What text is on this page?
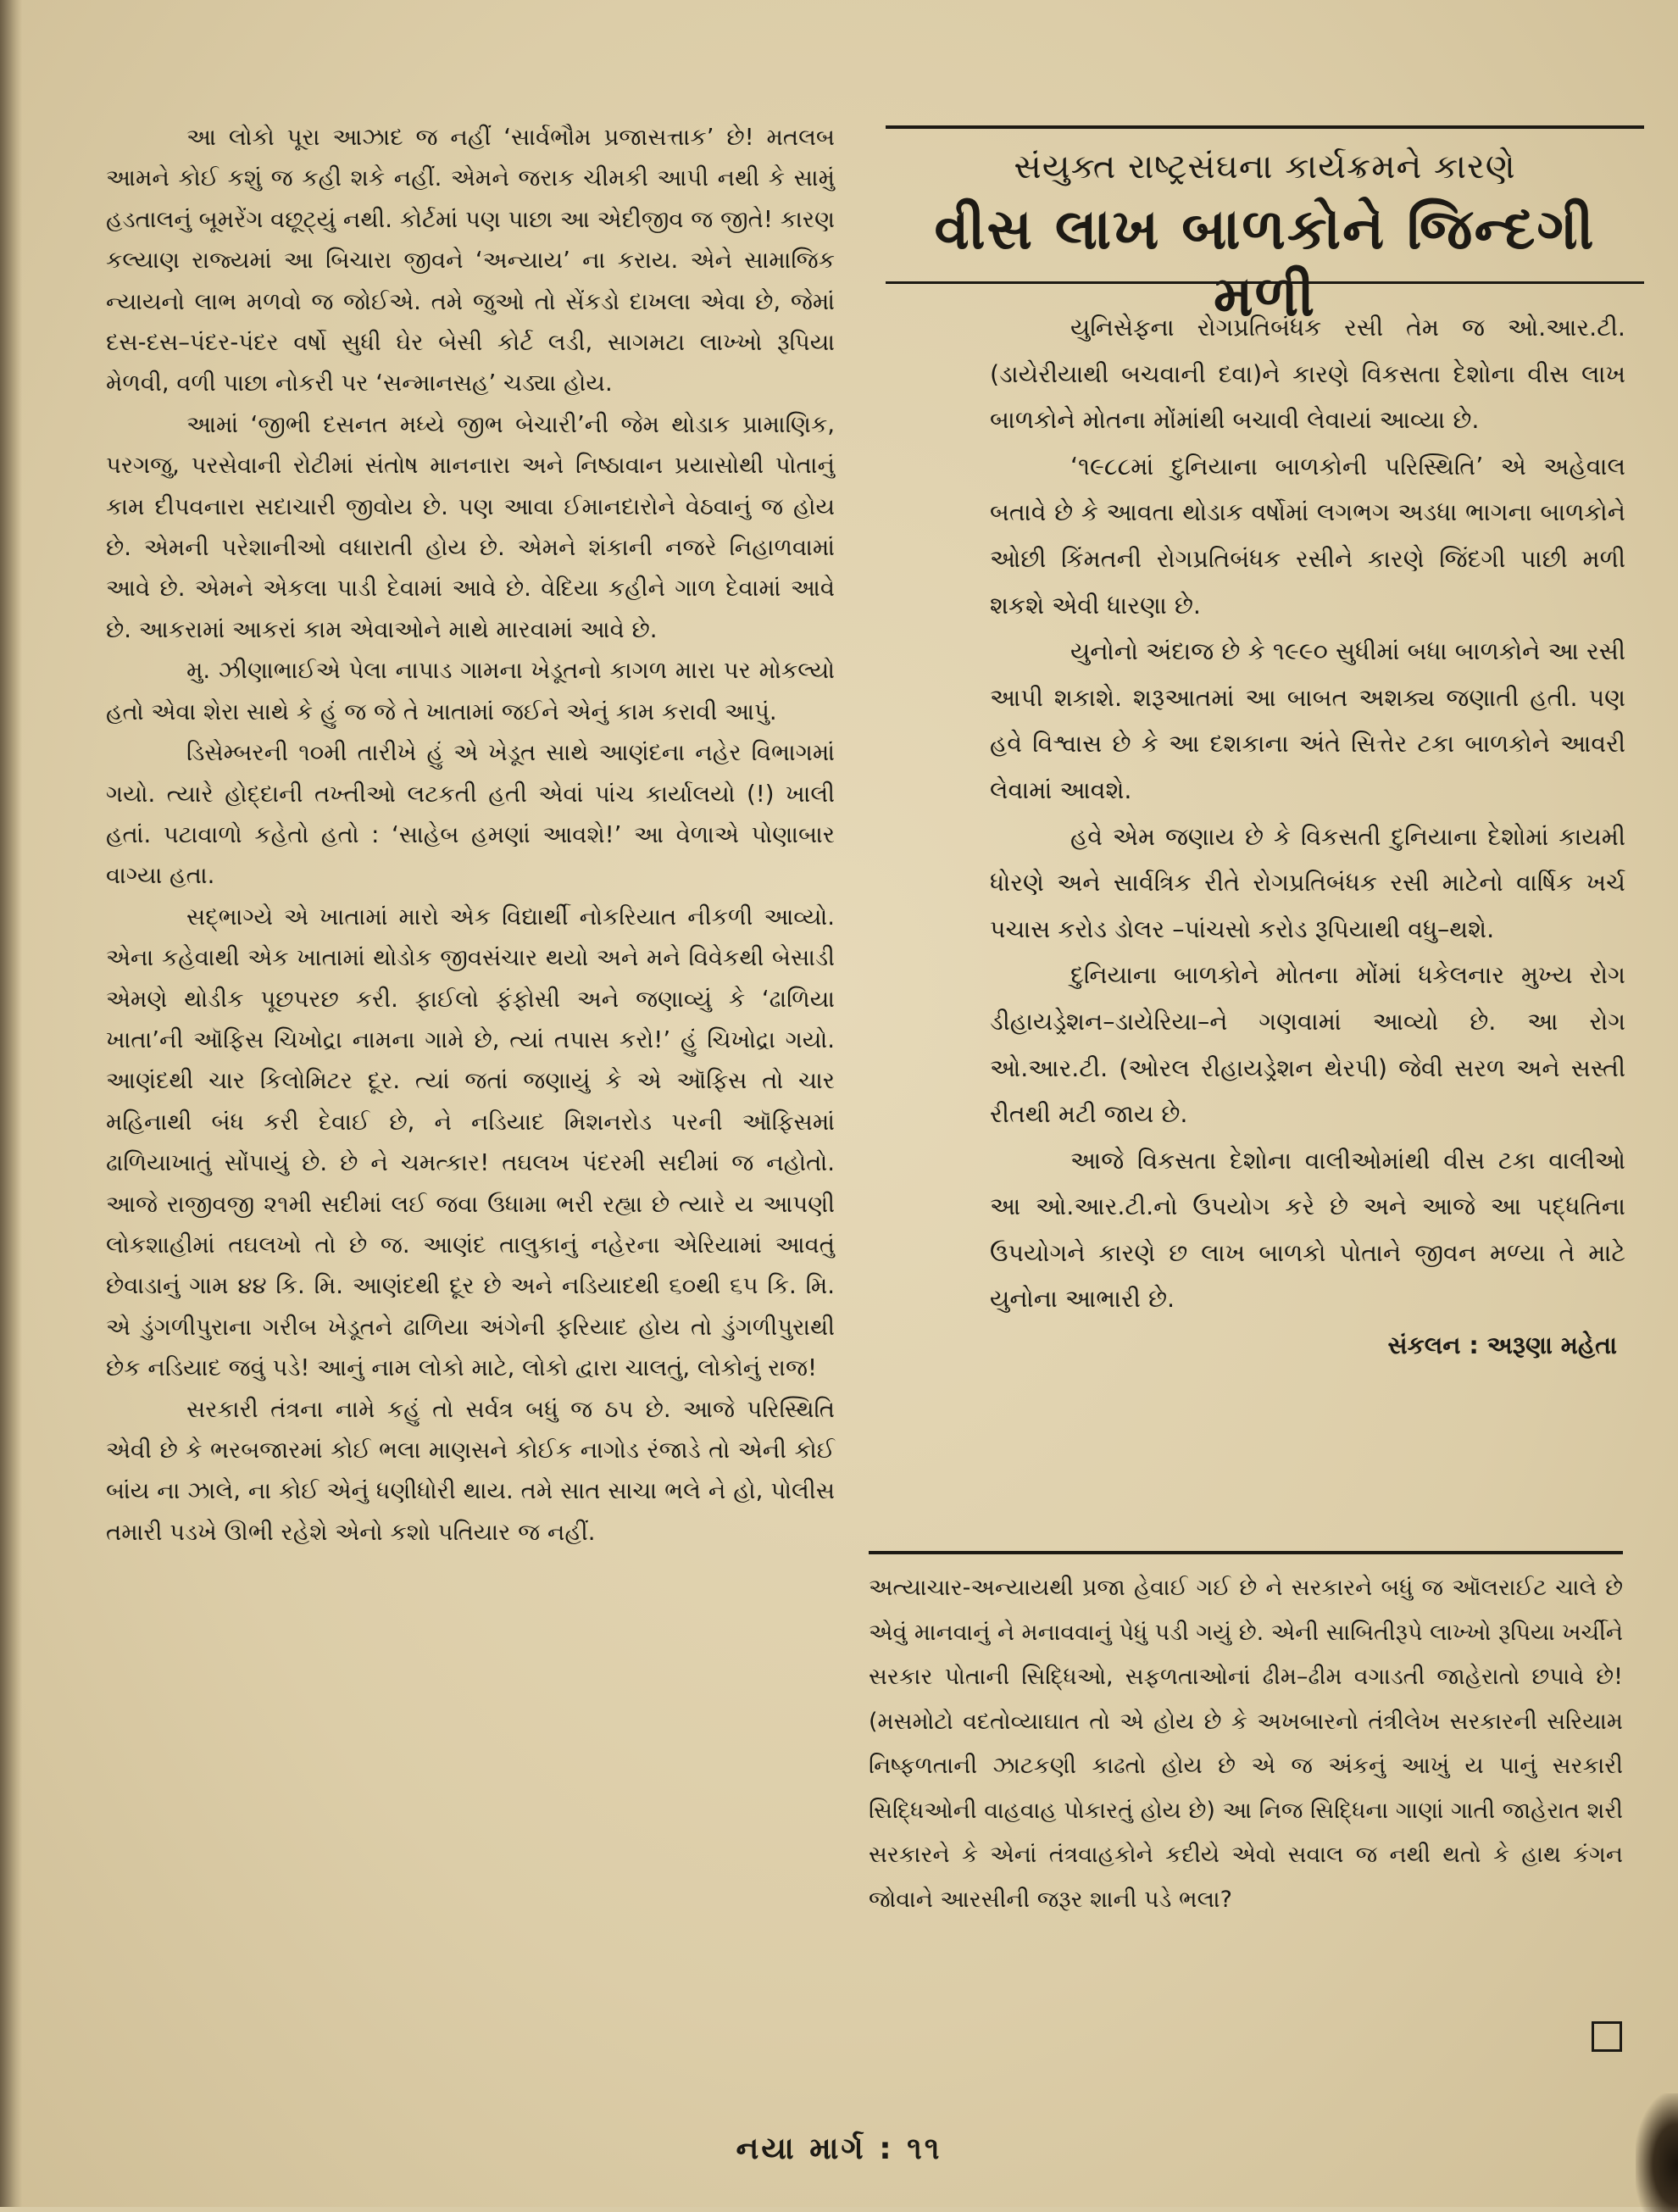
આ લોકો પૂરા આઝાદ જ નહીં ‘સાર્વભૌમ પ્રજાસત્તાક’ છે! મતલબ આમને કોઈ કશું જ કહી શકે નહીં. એમને જરાક ચીમકી આપી નથી કે સામું હડતાલનું બૂમરેંગ વછૂટ્યું નથી. કોર્ટમાં પણ પાછા આ એદીજીવ જ જીતે! કારણ કલ્યાણ રાજ્યમાં આ બિચારા જીવને ‘અન્યાય’ ના કરાય. એને સામાજિક ન્યાયનો લાભ મળવો જ જોઈએ. તમે જુઓ તો સેંકડો દાખલા એવા છે, જેમાં દસ-દસ–પંદર-પંદર વર્ષો સુધી ઘેર બેસી કોર્ટ લડી, સાગમટા લાખ્ખો રૂપિયા મેળવી, વળી પાછા નોકરી પર ‘સન્માનસહ’ ચડ્યા હોય.

આમાં ‘જીભી દસનત મધ્યે જીભ બેચારી’ની જેમ થોડાક પ્રામાણિક, પરગજુ, પરસેવાની રોટીમાં સંતોષ માનનારા અને નિષ્ઠાવાન પ્રયાસોથી પોતાનું કામ દીપવનારા સદાચારી જીવોય છે. પણ આવા ઈમાનદારોને વેઠવાનું જ હોય છે. એમની પરેશાનીઓ વધારાતી હોય છે. એમને શંકાની નજરે નિહાળવામાં આવે છે. એમને એકલા પાડી દેવામાં આવે છે. વેદિયા કહીને ગાળ દેવામાં આવે છે. આકરામાં આકરાં કામ એવાઓને માથે મારવામાં આવે છે.

મુ. ઝીણાભાઈએ પેલા નાપાડ ગામના ખેડૂતનો કાગળ મારા પર મોકલ્યો હતો એવા શેરા સાથે કે હું જ જે તે ખાતામાં જઈને એનું કામ કરાવી આપું.

ડિસેમ્બરની ૧૦મી તારીખે હું એ ખેડૂત સાથે આણંદના નહેર વિભાગમાં ગયો. ત્યારે હોદ્દાની તખ્તીઓ લટકતી હતી એવાં પાંચ કાર્યાલયો (!) ખાલી હતાં. પટાવાળો કહેતો હતો : ‘સાહેબ હમણાં આવશે!’ આ વેળાએ પોણાબાર વાગ્યા હતા.

સદ્ભાગ્યે એ ખાતામાં મારો એક વિદ્યાર્થી નોકરિયાત નીકળી આવ્યો. એના કહેવાથી એક ખાતામાં થોડોક જીવસંચાર થયો અને મને વિવેકથી બેસાડી એમણે થોડીક પૂછપરછ કરી. ફાઈલો ફંફોસી અને જણાવ્યું કે ‘ઢાળિયા ખાતા’ની ઑફિસ ચિખોદ્રા નામના ગામે છે, ત્યાં તપાસ કરો!’ હું ચિખોદ્રા ગયો. આણંદથી ચાર કિલોમિટર દૂર. ત્યાં જતાં જણાયું કે એ ઑફિસ તો ચાર મહિનાથી બંધ કરી દેવાઈ છે, ને નડિયાદ મિશનરોડ પરની ઑફિસમાં ઢાળિયાખાતું સોંપાયું છે. છે ને ચમત્કાર! તઘલખ પંદરમી સદીમાં જ નહોતો. આજે રાજીવજી ૨૧મી સદીમાં લઈ જવા ઉધામા ભરી રહ્યા છે ત્યારે ય આપણી લોકશાહીમાં તઘલખો તો છે જ. આણંદ તાલુકાનું નહેરના એરિયામાં આવતું છેવાડાનું ગામ ૪૪ કિ. મિ. આણંદથી દૂર છે અને નડિયાદથી ૬૦થી ૬૫ કિ. મિ. એ ડુંગળીપુરાના ગરીબ ખેડૂતને ઢાળિયા અંગેની ફરિયાદ હોય તો ડુંગળીપુરાથી છેક નડિયાદ જવું પડે! આનું નામ લોકો માટે, લોકો દ્વારા ચાલતું, લોકોનું રાજ!

સરકારી તંત્રના નામે કહું તો સર્વત્ર બધું જ ઠપ છે. આજે પરિસ્થિતિ એવી છે કે ભરબજારમાં કોઈ ભલા માણસને કોઈક નાગોડ રંજાડે તો એની કોઈ બાંય ના ઝાલે, ના કોઈ એનું ધણીધોરી થાય. તમે સાત સાચા ભલે ને હો, પોલીસ તમારી પડખે ઊભી રહેશે એનો કશો પતિયાર જ નહીં.

સંયુક્ત રાષ્ટ્રસંઘના કાર્યક્રમને કારણે
વીસ લાખ બાળકોને જિન્દગી મળી

યુનિસેફના રોગપ્રતિબંધક રસી તેમ જ ઓ.આર.ટી. (ડાયેરીયાથી બચવાની દવા)ને કારણે વિકસતા દેશોના વીસ લાખ બાળકોને મોતના મોંમાંથી બચાવી લેવાયાં આવ્યા છે.

‘૧૯૮૮માં દુનિયાના બાળકોની પરિસ્થિતિ’ એ અહેવાલ બતાવે છે કે આવતા થોડાક વર્ષોમાં લગભગ અડધા ભાગના બાળકોને ઓછી કિંમતની રોગપ્રતિબંધક રસીને કારણે જિંદગી પાછી મળી શકશે એવી ધારણા છે.

યુનોનો અંદાજ છે કે ૧૯૯૦ સુધીમાં બધા બાળકોને આ રસી આપી શકાશે. શરૂઆતમાં આ બાબત અશક્ય જણાતી હતી. પણ હવે વિશ્વાસ છે કે આ દશકાના અંતે સિત્તેર ટકા બાળકોને આવરી લેવામાં આવશે.

હવે એમ જણાય છે કે વિકસતી દુનિયાના દેશોમાં કાયમી ધોરણે અને સાર્વત્રિક રીતે રોગપ્રતિબંધક રસી માટેનો વાર્ષિક ખર્ચ પચાસ કરોડ ડોલર –પાંચસો કરોડ રૂપિયાથી વધુ–થશે.

દુનિયાના બાળકોને મોતના મોંમાં ધકેલનાર મુખ્ય રોગ ડીહાયડ્રેશન–ડાયેરિયા–ને ગણવામાં આવ્યો છે. આ રોગ ઓ.આર.ટી. (ઓરલ રીહાયડ્રેશન થેરપી) જેવી સરળ અને સસ્તી રીતથી મટી જાય છે.

આજે વિકસતા દેશોના વાલીઓમાંથી વીસ ટકા વાલીઓ આ ઓ.આર.ટી.નો ઉપયોગ કરે છે અને આજે આ પદ્ધતિના ઉપયોગને કારણે છ લાખ બાળકો પોતાને જીવન મળ્યા તે માટે યુનોના આભારી છે.

સંકલન : અરૂણા મહેતા

અત્યાચાર-અન્યાયથી પ્રજા હેવાઈ ગઈ છે ને સરકારને બધું જ ઑલરાઈટ ચાલે છે એવું માનવાનું ને મનાવવાનું પેધું પડી ગયું છે. એની સાબિતીરૂપે લાખ્ખો રૂપિયા ખર્ચીને સરકાર પોતાની સિદ્ધિઓ, સફળતાઓનાં ઢીમ–ઢીમ વગાડતી જાહેરાતો છપાવે છે! (મસમોટો વદતોવ્યાઘાત તો એ હોય છે કે અખબારનો તંત્રીલેખ સરકારની સરિયામ નિષ્ફળતાની ઝાટકણી કાઢતો હોય છે એ જ અંકનું આખું ય પાનું સરકારી સિદ્ધિઓની વાહવાહ પોકારતું હોય છે) આ નિજ સિદ્ધિના ગાણાં ગાતી જાહેરાત શરી સરકારને કે એનાં તંત્રવાહકોને કદીયે એવો સવાલ જ નથી થતો કે હાથ કંગન જોવાને આરસીની જરૂર શાની પડે ભલા?

નયા માર્ગ : ૧૧
